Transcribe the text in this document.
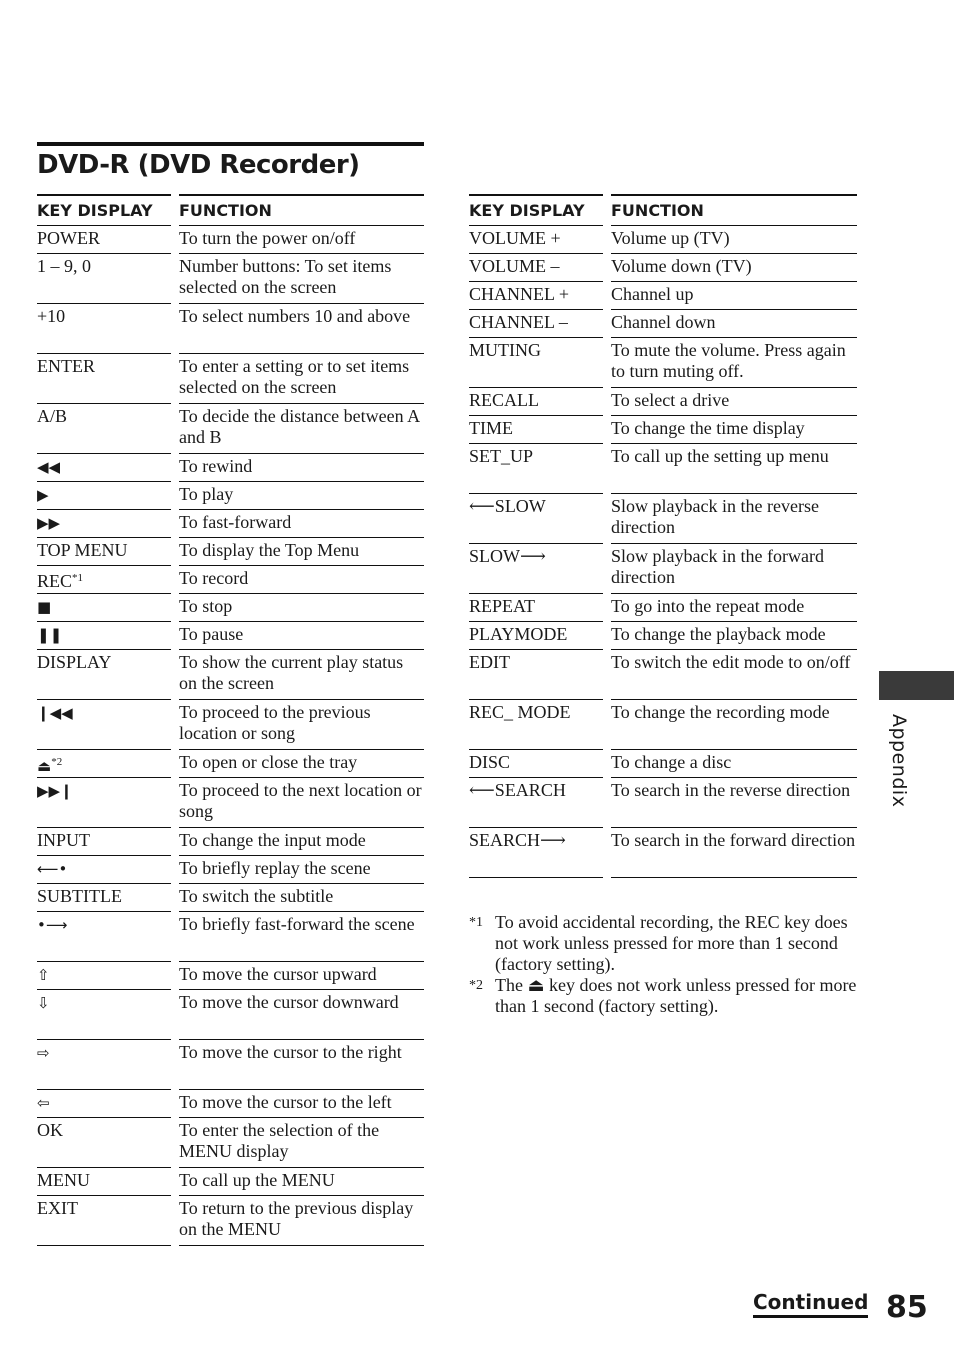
DVD-R (DVD Recorder)
KEY DISPLAY	FUNCTION

POWER	To turn the power on/off

1 – 9, 0	Number buttons: To set items selected on the screen

+10	To select numbers 10 and above

ENTER	To enter a setting or to set items selected on the screen

A/B	To decide the distance between A and B

◀◀	To rewind

▶	To play

▶▶	To fast-forward

TOP MENU	To display the Top Menu

REC$^{*1}$	To record

■	To stop

❚❚	To pause

DISPLAY	To show the current play status on the screen

❙◀◀	To proceed to the previous location or song

⏏$^{*2}$	To open or close the tray

▶▶❙	To proceed to the next location or song

INPUT	To change the input mode

⟵•	To briefly replay the scene

SUBTITLE	To switch the subtitle

•⟶	To briefly fast-forward the scene

⇧	To move the cursor upward

⇩	To move the cursor downward

⇨	To move the cursor to the right

⇦	To move the cursor to the left

OK	To enter the selection of the MENU display

MENU	To call up the MENU

EXIT	To return to the previous display on the MENU
KEY DISPLAY	FUNCTION

VOLUME +	Volume up (TV)

VOLUME –	Volume down (TV)

CHANNEL +	Channel up

CHANNEL –	Channel down

MUTING	To mute the volume. Press again to turn muting off.

RECALL	To select a drive

TIME	To change the time display

SET_UP	To call up the setting up menu

⟵SLOW	Slow playback in the reverse direction

SLOW⟶	Slow playback in the forward direction

REPEAT	To go into the repeat mode

PLAYMODE	To change the playback mode

EDIT	To switch the edit mode to on/off

REC_ MODE	To change the recording mode

DISC	To change a disc

⟵SEARCH	To search in the reverse direction

SEARCH⟶	To search in the forward direction
*1 To avoid accidental recording, the REC key does not work unless pressed for more than 1 second (factory setting).
*2 The ⏏ key does not work unless pressed for more than 1 second (factory setting).
Appendix
Continued 85
